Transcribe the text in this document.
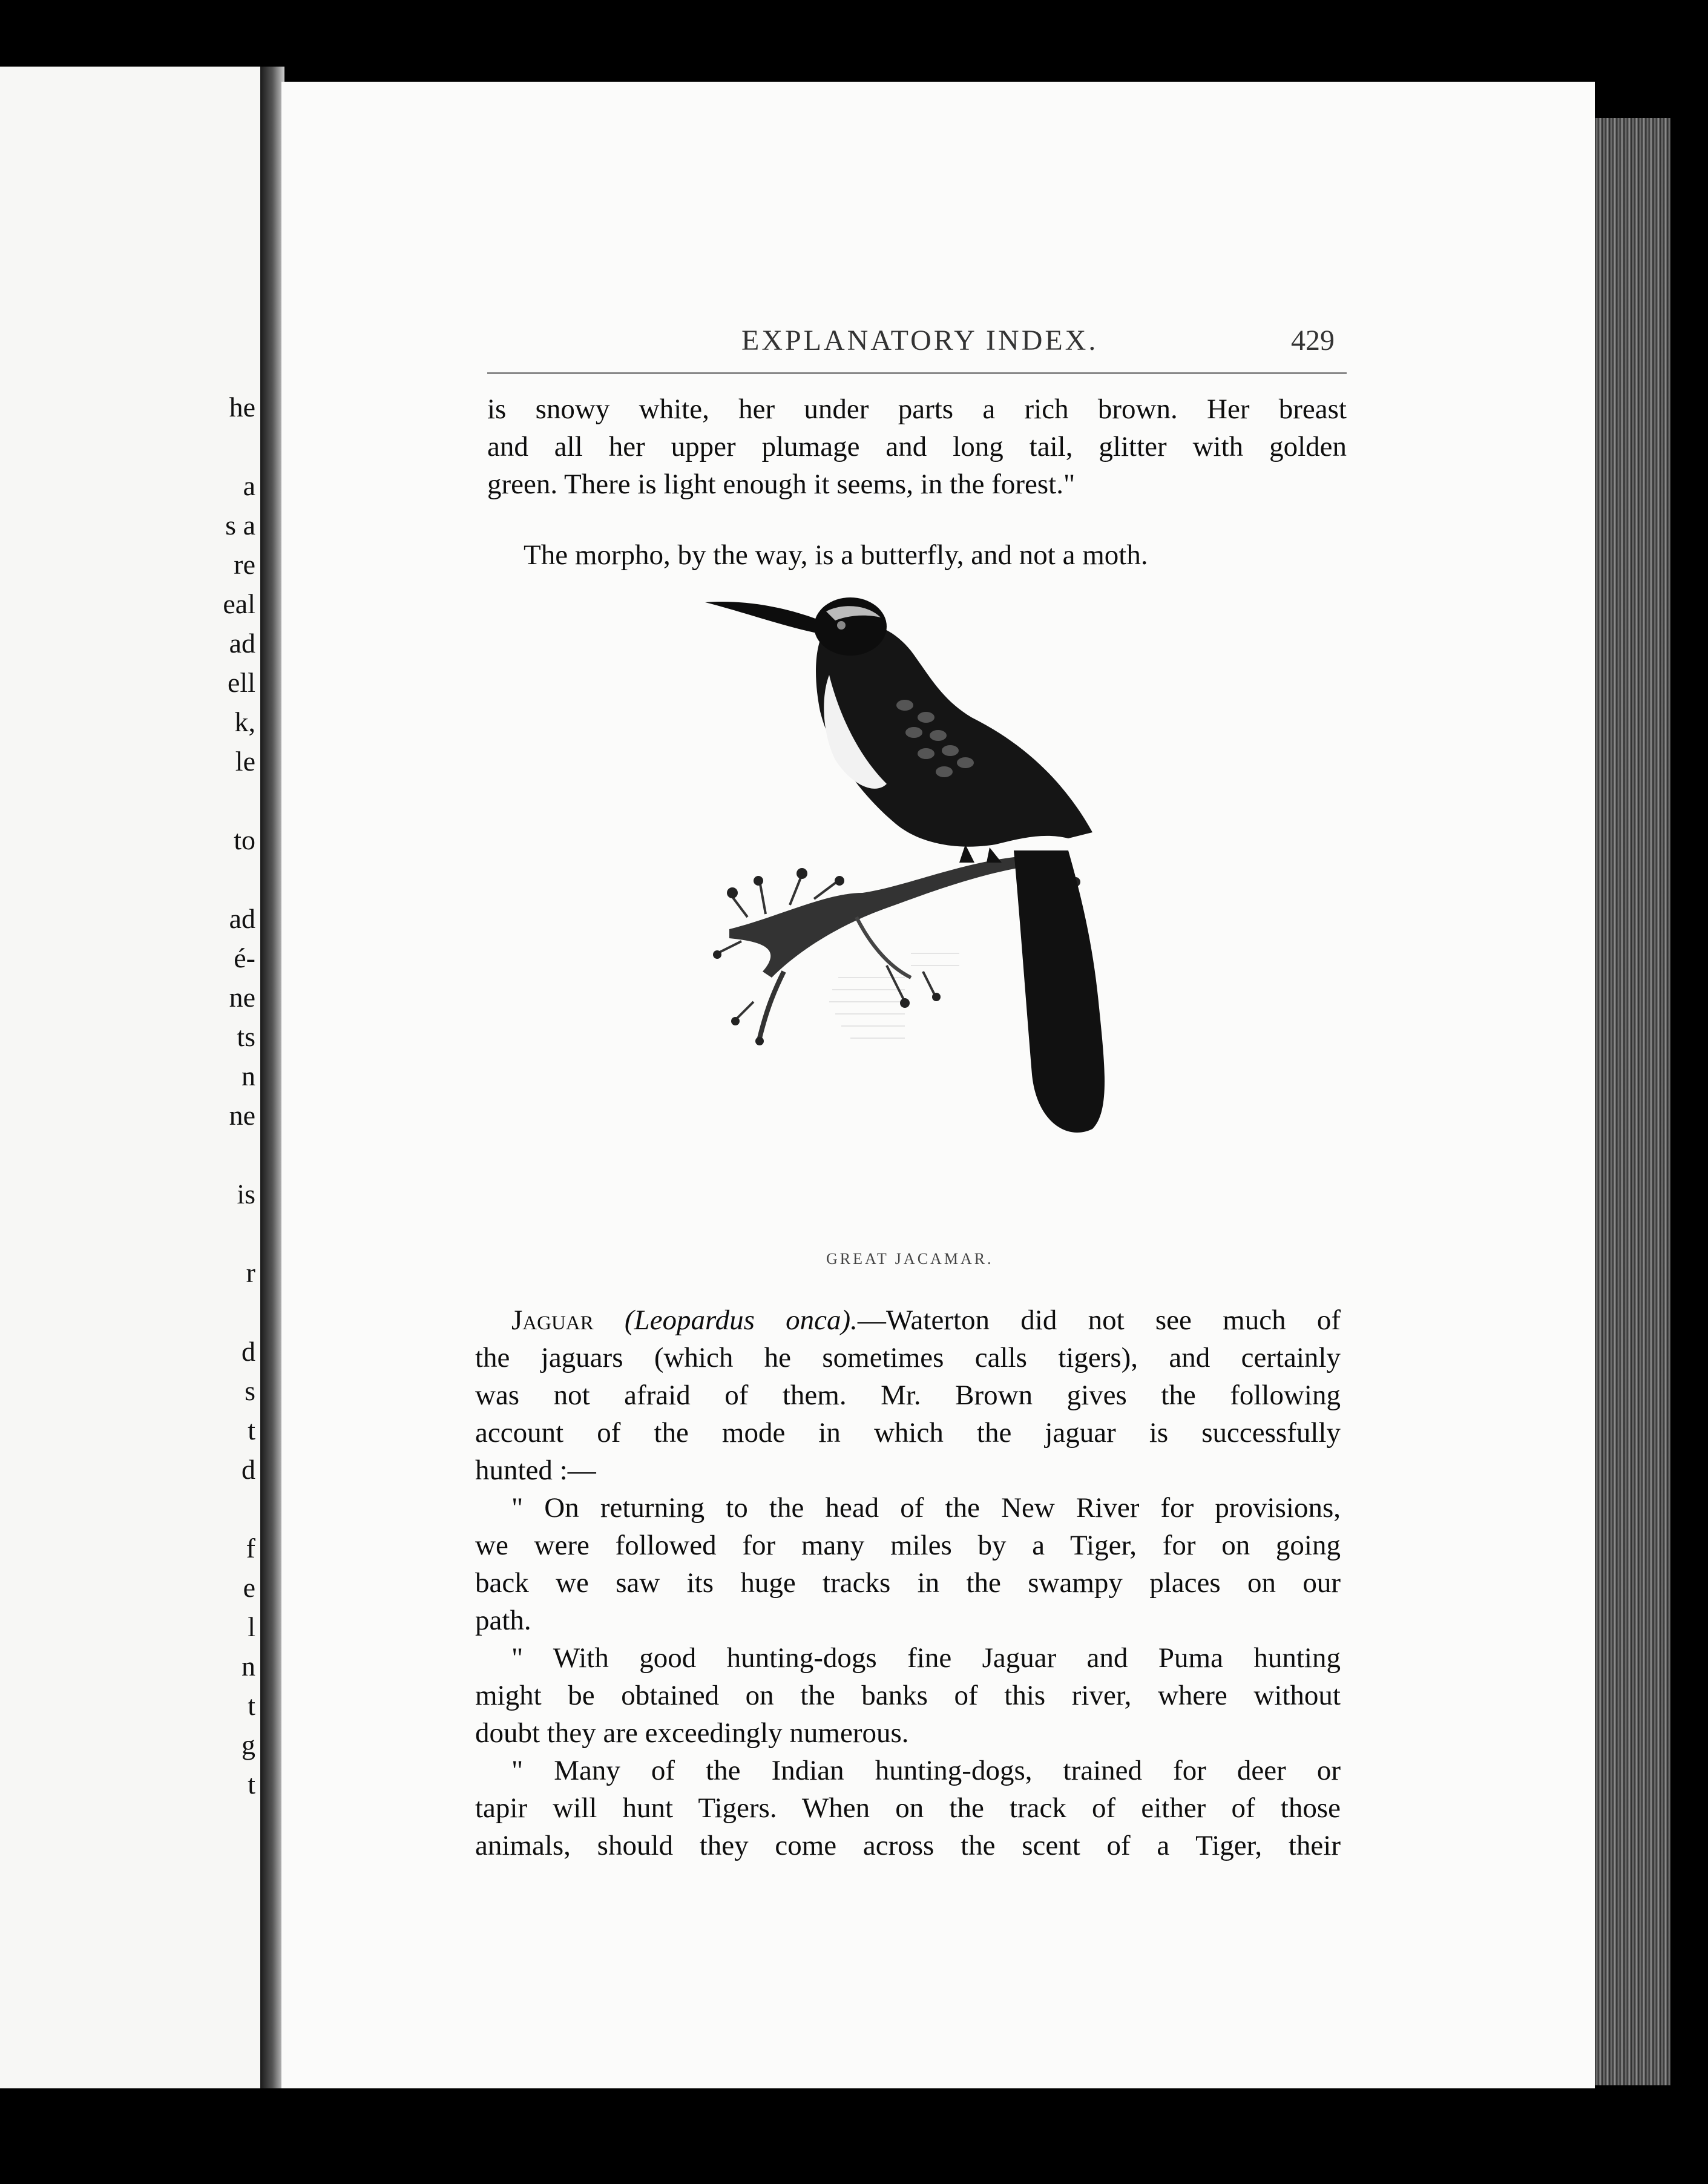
he
a
s a
re
eal
ad
ell
k,
le
to
ad
é-
ne
ts
n
ne
is
r
d
s
t
d
f
e
l
n
t
g
t
EXPLANATORY INDEX.	429

is snowy white, her under parts a rich brown. Her breast

and all her upper plumage and long tail, glitter with golden

green. There is light enough it seems, in the forest."

The morpho, by the way, is a butterfly, and not a moth.
GREAT JACAMAR.

Jaguar (Leopardus onca).—Waterton did not see much of

the jaguars (which he sometimes calls tigers), and certainly

was not afraid of them. Mr. Brown gives the following

account of the mode in which the jaguar is successfully

hunted :—

" On returning to the head of the New River for provisions,

we were followed for many miles by a Tiger, for on going

back we saw its huge tracks in the swampy places on our

path.

" With good hunting-dogs fine Jaguar and Puma hunting

might be obtained on the banks of this river, where without

doubt they are exceedingly numerous.

" Many of the Indian hunting-dogs, trained for deer or

tapir will hunt Tigers. When on the track of either of those

animals, should they come across the scent of a Tiger, their
